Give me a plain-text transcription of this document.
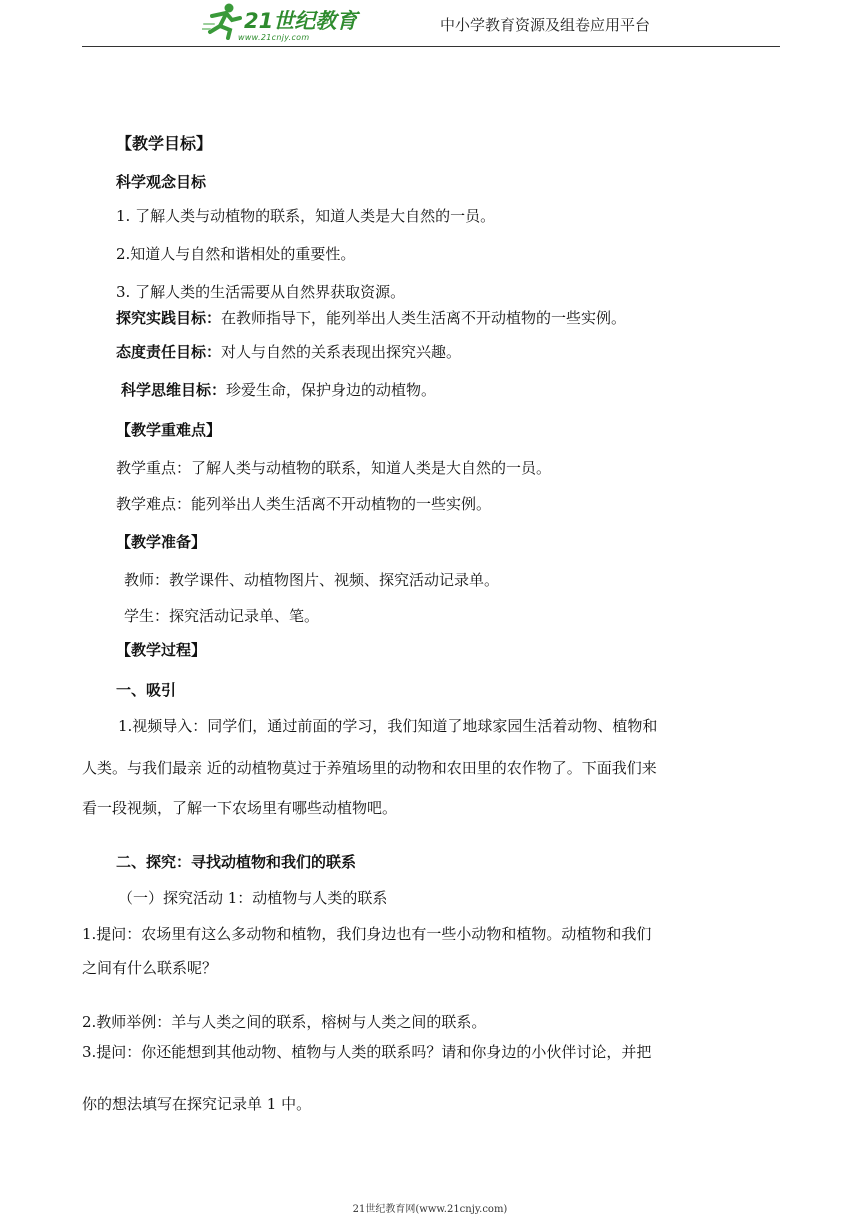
21世纪教育
www.21cnjy.com
中小学教育资源及组卷应用平台
【教学目标】
科学观念目标
1. 了解人类与动植物的联系，知道人类是大自然的一员。
2.知道人与自然和谐相处的重要性。
3. 了解人类的生活需要从自然界获取资源。
探究实践目标：在教师指导下，能列举出人类生活离不开动植物的一些实例。
态度责任目标：对人与自然的关系表现出探究兴趣。
科学思维目标：珍爱生命，保护身边的动植物。
【教学重难点】
教学重点：了解人类与动植物的联系，知道人类是大自然的一员。
教学难点：能列举出人类生活离不开动植物的一些实例。
【教学准备】
教师：教学课件、动植物图片、视频、探究活动记录单。
学生：探究活动记录单、笔。
【教学过程】
一、吸引
1.视频导入：同学们，通过前面的学习，我们知道了地球家园生活着动物、植物和
人类。与我们最亲 近的动植物莫过于养殖场里的动物和农田里的农作物了。下面我们来
看一段视频，了解一下农场里有哪些动植物吧。
二、探究：寻找动植物和我们的联系
（一）探究活动 1：动植物与人类的联系
1.提问：农场里有这么多动物和植物，我们身边也有一些小动物和植物。动植物和我们
之间有什么联系呢？
2.教师举例：羊与人类之间的联系，榕树与人类之间的联系。
3.提问：你还能想到其他动物、植物与人类的联系吗？请和你身边的小伙伴讨论，并把
你的想法填写在探究记录单 1 中。
21世纪教育网(www.21cnjy.com)
